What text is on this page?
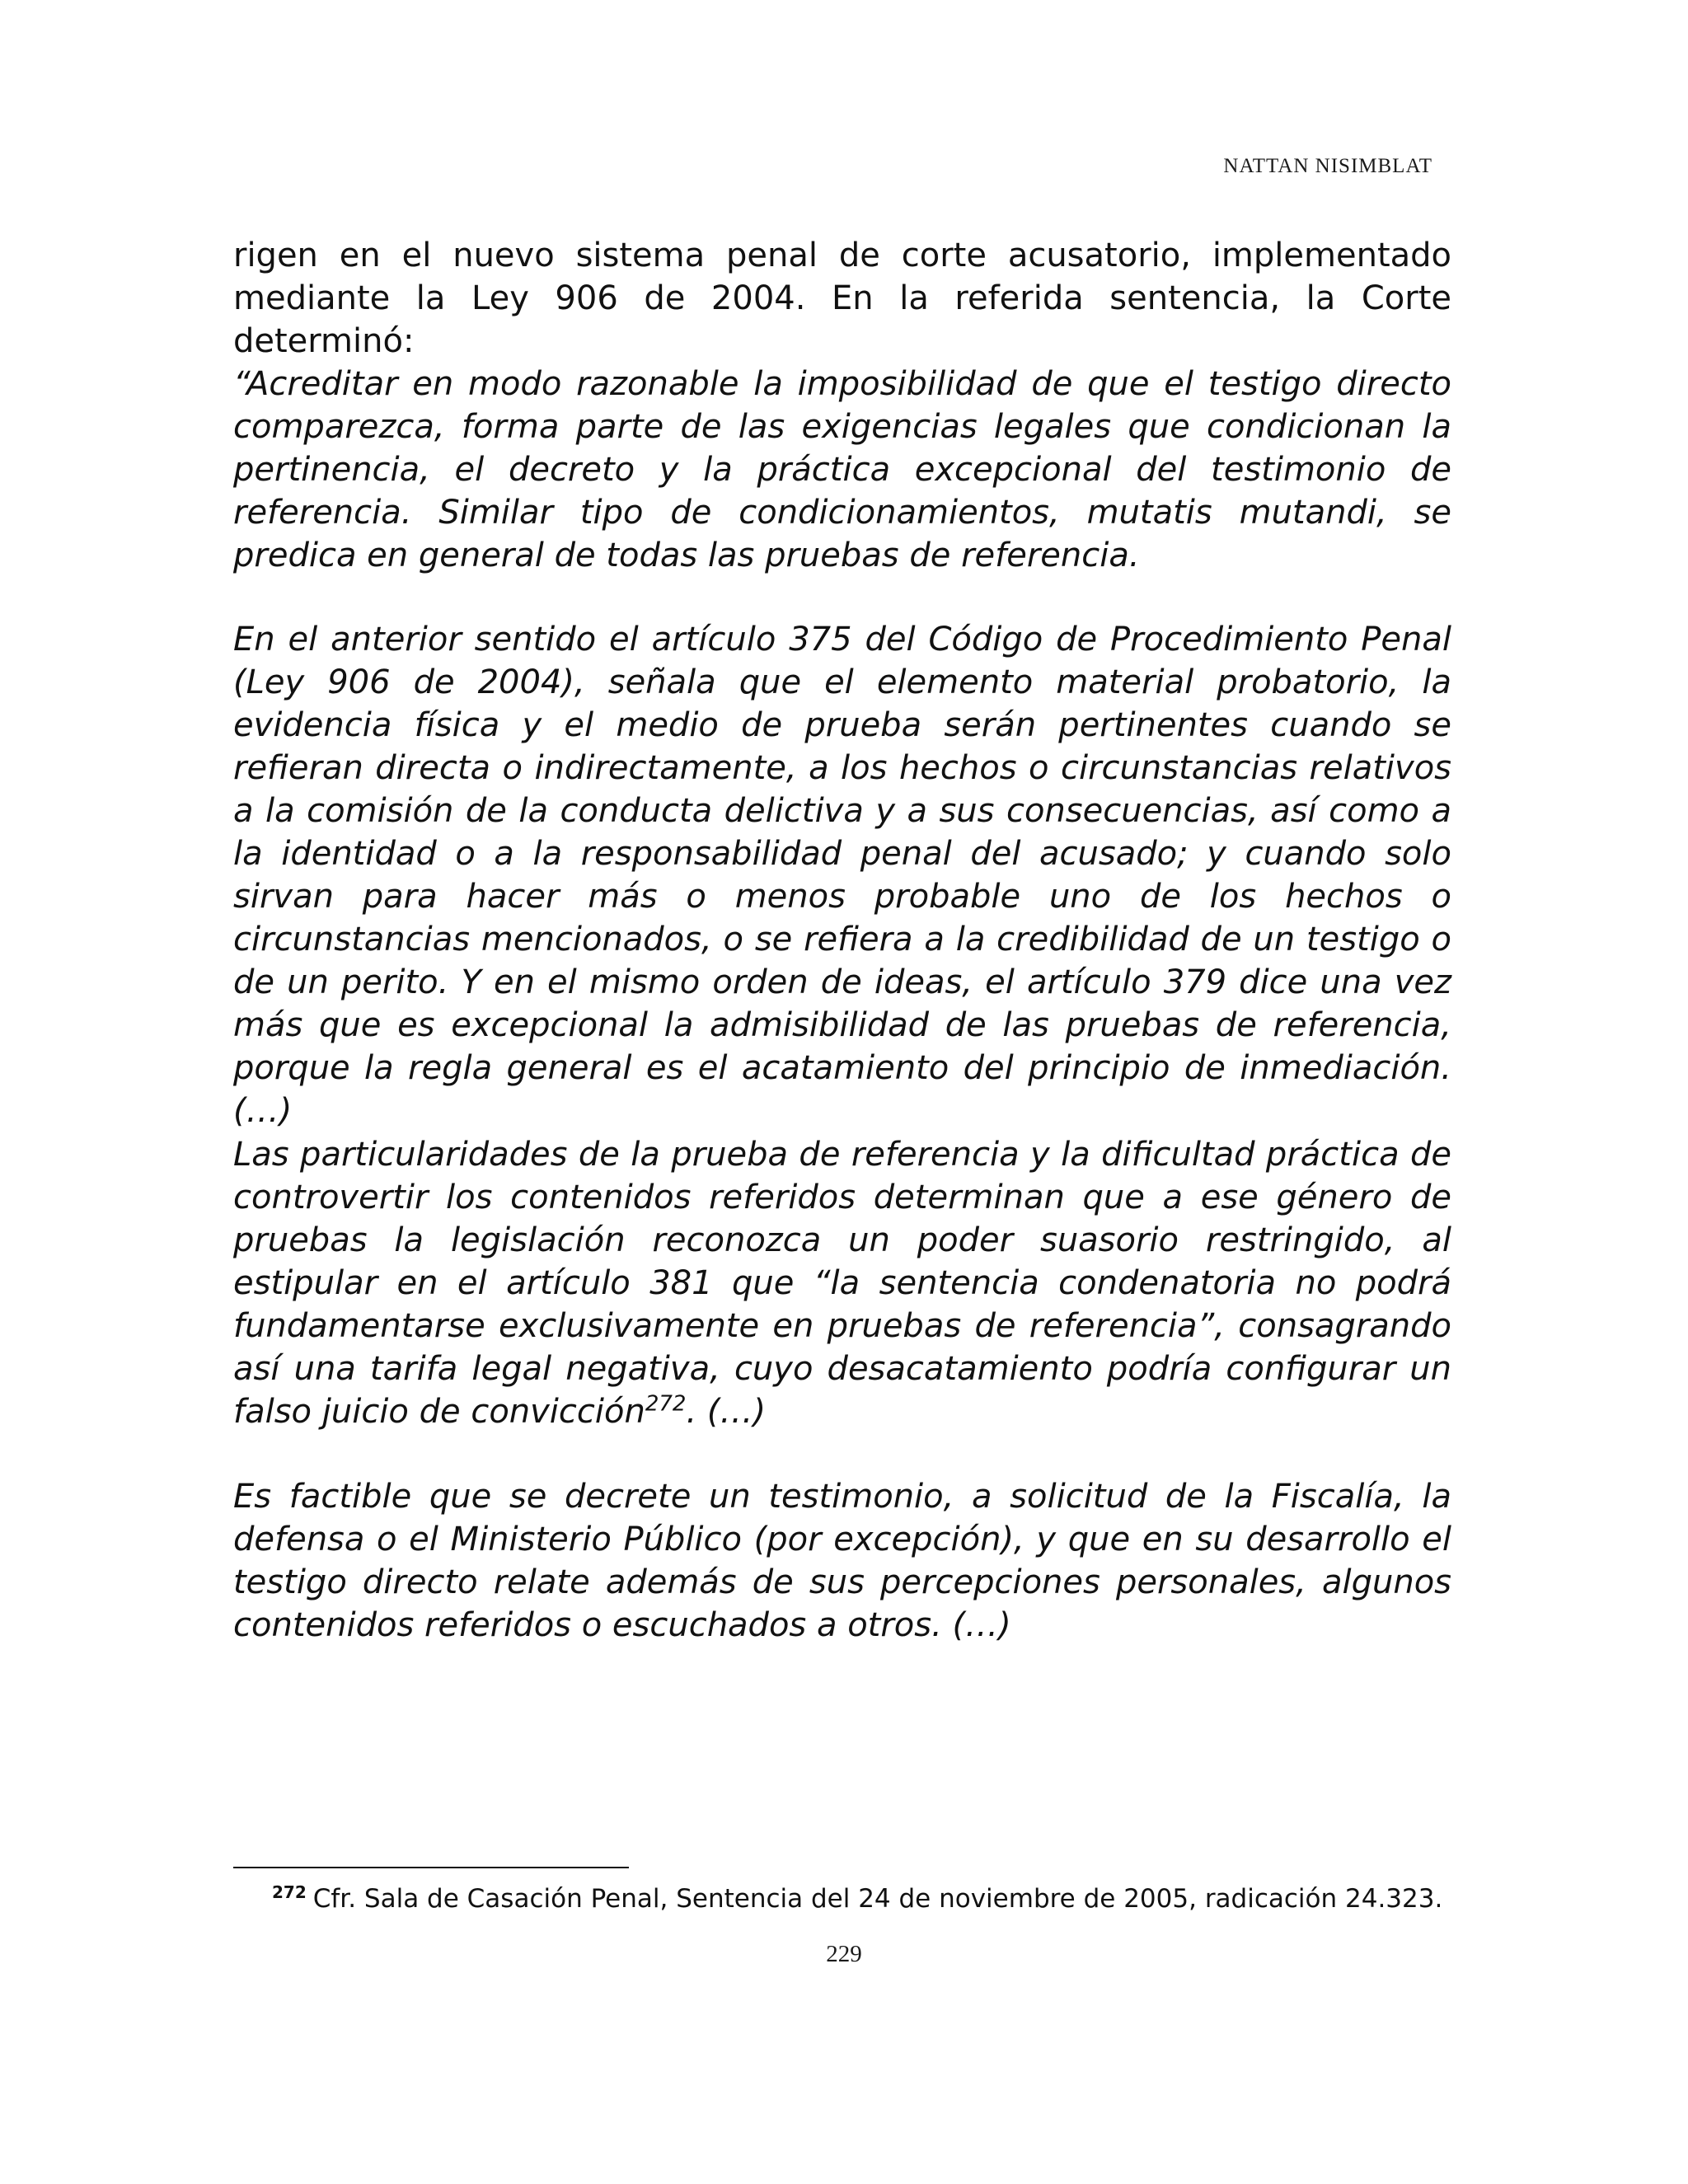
NATTAN NISIMBLAT

rigen en el nuevo sistema penal de corte acusatorio, implementado mediante la Ley 906 de 2004. En la referida sentencia, la Corte determinó:

“Acreditar en modo razonable la imposibilidad de que el testigo directo comparezca, forma parte de las exigencias legales que condicionan la pertinencia, el decreto y la práctica excepcional del testimonio de referencia. Similar tipo de condicionamientos, mutatis mutandi, se predica en general de todas las pruebas de referencia.

En el anterior sentido el artículo 375 del Código de Procedimiento Penal (Ley 906 de 2004), señala que el elemento material probatorio, la evidencia física y el medio de prueba serán pertinentes cuando se refieran directa o indirectamente, a los hechos o circunstancias relativos a la comisión de la conducta delictiva y a sus consecuencias, así como a la identidad o a la responsabilidad penal del acusado; y cuando solo sirvan para hacer más o menos probable uno de los hechos o circunstancias mencionados, o se refiera a la credibilidad de un testigo o de un perito. Y en el mismo orden de ideas, el artículo 379 dice una vez más que es excepcional la admisibilidad de las pruebas de referencia, porque la regla general es el acatamiento del principio de inmediación. (…)

Las particularidades de la prueba de referencia y la dificultad práctica de controvertir los contenidos referidos determinan que a ese género de pruebas la legislación reconozca un poder suasorio restringido, al estipular en el artículo 381 que “la sentencia condenatoria no podrá fundamentarse exclusivamente en pruebas de referencia”, consagrando así una tarifa legal negativa, cuyo desacatamiento podría configurar un falso juicio de convicción$^{272}$. (…)

Es factible que se decrete un testimonio, a solicitud de la Fiscalía, la defensa o el Ministerio Público (por excepción), y que en su desarrollo el testigo directo relate además de sus percepciones personales, algunos contenidos referidos o escuchados a otros. (…)

$^{272}$ Cfr. Sala de Casación Penal, Sentencia del 24 de noviembre de 2005, radicación 24.323.

229
